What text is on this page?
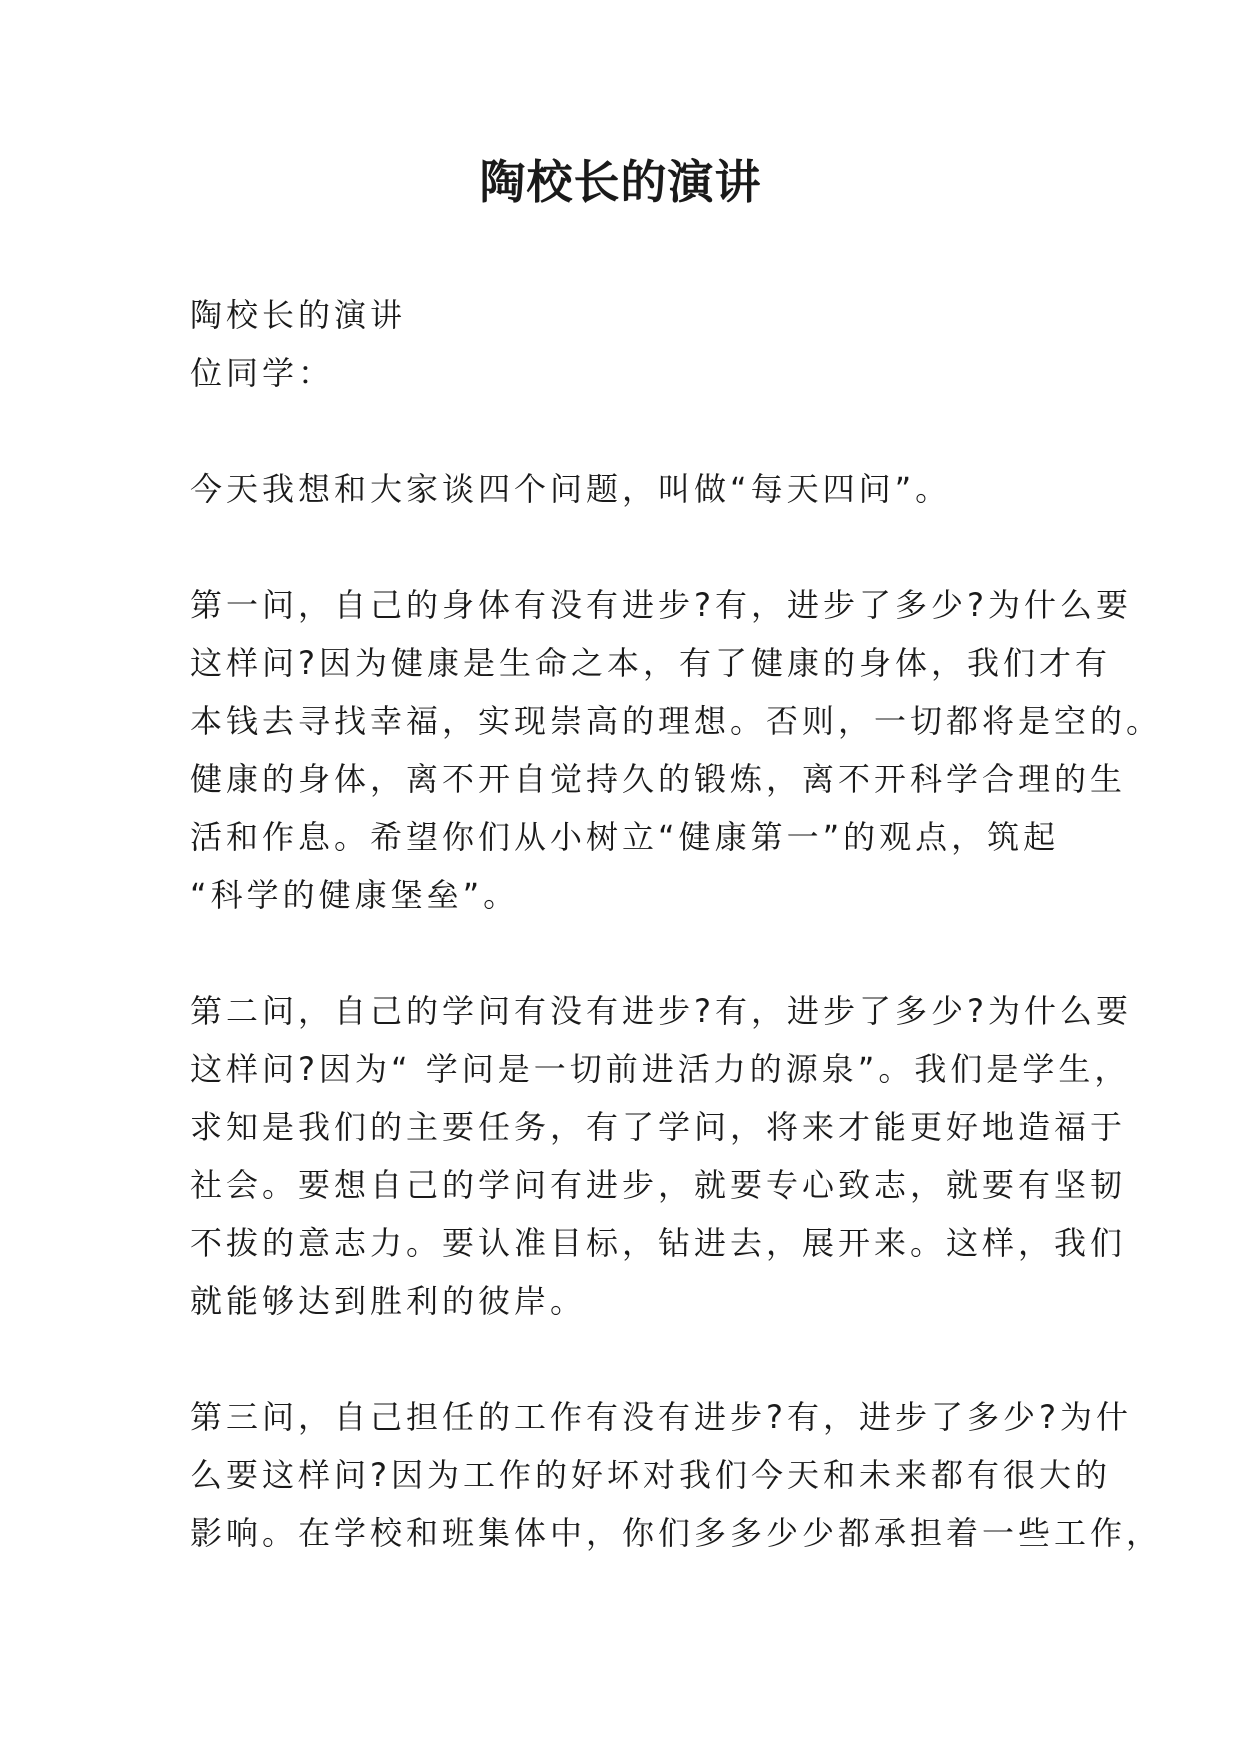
陶校长的演讲

陶校长的演讲

位同学：

今天我想和大家谈四个问题，叫做“每天四问”。

第一问，自己的身体有没有进步?有，进步了多少?为什么要

这样问?因为健康是生命之本，有了健康的身体，我们才有

本钱去寻找幸福，实现崇高的理想。否则，一切都将是空的。

健康的身体，离不开自觉持久的锻炼，离不开科学合理的生

活和作息。希望你们从小树立“健康第一”的观点，筑起

“科学的健康堡垒”。

第二问，自己的学问有没有进步?有，进步了多少?为什么要

这样问?因为“ 学问是一切前进活力的源泉”。我们是学生，

求知是我们的主要任务，有了学问，将来才能更好地造福于

社会。要想自己的学问有进步，就要专心致志，就要有坚韧

不拔的意志力。要认准目标，钻进去，展开来。这样，我们

就能够达到胜利的彼岸。

第三问，自己担任的工作有没有进步?有，进步了多少?为什

么要这样问?因为工作的好坏对我们今天和未来都有很大的

影响。在学校和班集体中，你们多多少少都承担着一些工作，
